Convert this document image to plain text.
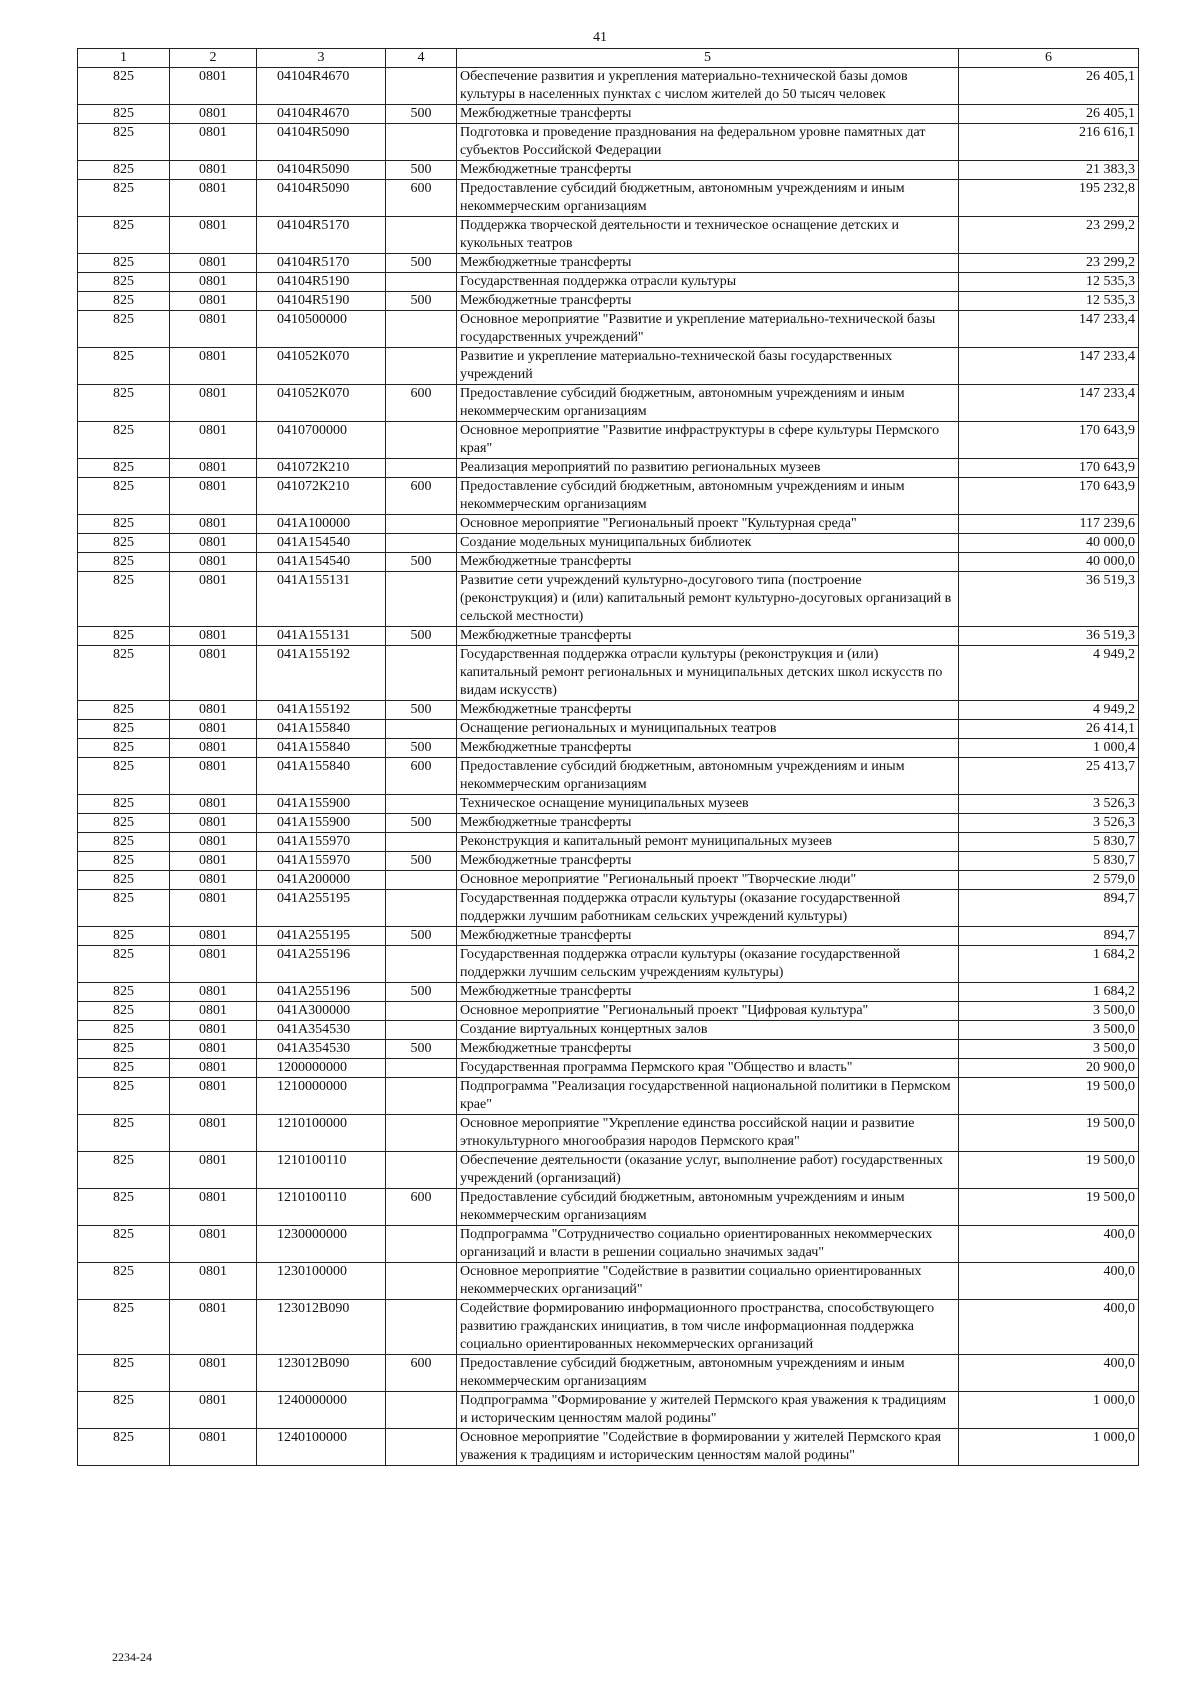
41
1	2	3	4	5	6
825	0801	04104R4670		Обеспечение развития и укрепления материально-технической базы домов культуры в населенных пунктах с числом жителей до 50 тысяч человек	26 405,1
825	0801	04104R4670	500	Межбюджетные трансферты	26 405,1
825	0801	04104R5090		Подготовка и проведение празднования на федеральном уровне памятных дат субъектов Российской Федерации	216 616,1
825	0801	04104R5090	500	Межбюджетные трансферты	21 383,3
825	0801	04104R5090	600	Предоставление субсидий бюджетным, автономным учреждениям и иным некоммерческим организациям	195 232,8
825	0801	04104R5170		Поддержка творческой деятельности и техническое оснащение детских и кукольных театров	23 299,2
825	0801	04104R5170	500	Межбюджетные трансферты	23 299,2
825	0801	04104R5190		Государственная поддержка отрасли культуры	12 535,3
825	0801	04104R5190	500	Межбюджетные трансферты	12 535,3
825	0801	0410500000		Основное мероприятие "Развитие и укрепление материально-технической базы государственных учреждений"	147 233,4
825	0801	041052К070		Развитие и укрепление материально-технической базы государственных учреждений	147 233,4
825	0801	041052К070	600	Предоставление субсидий бюджетным, автономным учреждениям и иным некоммерческим организациям	147 233,4
825	0801	0410700000		Основное мероприятие "Развитие инфраструктуры в сфере культуры Пермского края"	170 643,9
825	0801	041072К210		Реализация мероприятий по развитию региональных музеев	170 643,9
825	0801	041072К210	600	Предоставление субсидий бюджетным, автономным учреждениям и иным некоммерческим организациям	170 643,9
825	0801	041A100000		Основное мероприятие "Региональный проект "Культурная среда"	117 239,6
825	0801	041A154540		Создание модельных муниципальных библиотек	40 000,0
825	0801	041A154540	500	Межбюджетные трансферты	40 000,0
825	0801	041A155131		Развитие сети учреждений культурно-досугового типа (построение (реконструкция) и (или) капитальный ремонт культурно-досуговых организаций в сельской местности)	36 519,3
825	0801	041A155131	500	Межбюджетные трансферты	36 519,3
825	0801	041A155192		Государственная поддержка отрасли культуры (реконструкция и (или) капитальный ремонт региональных и муниципальных детских школ искусств по видам искусств)	4 949,2
825	0801	041A155192	500	Межбюджетные трансферты	4 949,2
825	0801	041A155840		Оснащение региональных и муниципальных театров	26 414,1
825	0801	041A155840	500	Межбюджетные трансферты	1 000,4
825	0801	041A155840	600	Предоставление субсидий бюджетным, автономным учреждениям и иным некоммерческим организациям	25 413,7
825	0801	041A155900		Техническое оснащение муниципальных музеев	3 526,3
825	0801	041A155900	500	Межбюджетные трансферты	3 526,3
825	0801	041A155970		Реконструкция и капитальный ремонт муниципальных музеев	5 830,7
825	0801	041A155970	500	Межбюджетные трансферты	5 830,7
825	0801	041A200000		Основное мероприятие "Региональный проект "Творческие люди"	2 579,0
825	0801	041A255195		Государственная поддержка отрасли культуры (оказание государственной поддержки лучшим работникам сельских учреждений культуры)	894,7
825	0801	041A255195	500	Межбюджетные трансферты	894,7
825	0801	041A255196		Государственная поддержка отрасли культуры (оказание государственной поддержки лучшим сельским учреждениям культуры)	1 684,2
825	0801	041A255196	500	Межбюджетные трансферты	1 684,2
825	0801	041A300000		Основное мероприятие "Региональный проект "Цифровая культура"	3 500,0
825	0801	041A354530		Создание виртуальных концертных залов	3 500,0
825	0801	041A354530	500	Межбюджетные трансферты	3 500,0
825	0801	1200000000		Государственная программа Пермского края "Общество и власть"	20 900,0
825	0801	1210000000		Подпрограмма "Реализация государственной национальной политики в Пермском крае"	19 500,0
825	0801	1210100000		Основное мероприятие "Укрепление единства российской нации и развитие этнокультурного многообразия народов Пермского края"	19 500,0
825	0801	1210100110		Обеспечение деятельности (оказание услуг, выполнение работ) государственных учреждений (организаций)	19 500,0
825	0801	1210100110	600	Предоставление субсидий бюджетным, автономным учреждениям и иным некоммерческим организациям	19 500,0
825	0801	1230000000		Подпрограмма "Сотрудничество социально ориентированных некоммерческих организаций и власти в решении социально значимых задач"	400,0
825	0801	1230100000		Основное мероприятие "Содействие в развитии социально ориентированных некоммерческих организаций"	400,0
825	0801	123012В090		Содействие формированию информационного пространства, способствующего развитию гражданских инициатив, в том числе информационная поддержка социально ориентированных некоммерческих организаций	400,0
825	0801	123012В090	600	Предоставление субсидий бюджетным, автономным учреждениям и иным некоммерческим организациям	400,0
825	0801	1240000000		Подпрограмма "Формирование у жителей Пермского края уважения к традициям и историческим ценностям малой родины"	1 000,0
825	0801	1240100000		Основное мероприятие "Содействие в формировании у жителей Пермского края уважения к традициям и историческим ценностям малой родины"	1 000,0
2234-24
